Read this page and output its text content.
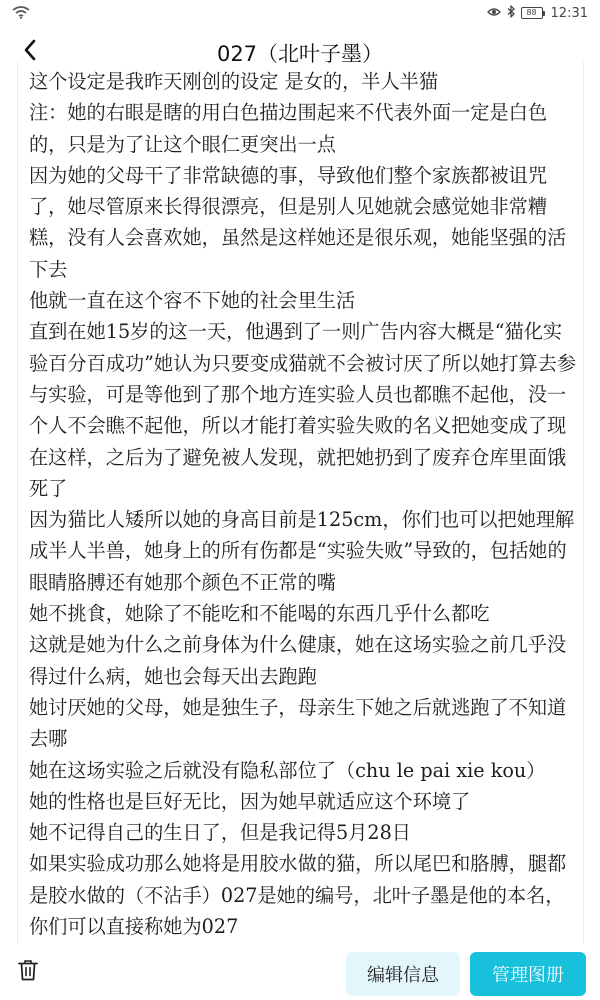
88	12:31
027（北叶子墨）

这个设定是我昨天刚创的设定 是女的，半人半猫

注：她的右眼是瞎的用白色描边围起来不代表外面一定是白色的，只是为了让这个眼仁更突出一点

因为她的父母干了非常缺德的事，导致他们整个家族都被诅咒了，她尽管原来长得很漂亮，但是别人见她就会感觉她非常糟糕，没有人会喜欢她，虽然是这样她还是很乐观，她能坚强的活下去

他就一直在这个容不下她的社会里生活

直到在她15岁的这一天，他遇到了一则广告内容大概是“猫化实验百分百成功”她认为只要变成猫就不会被讨厌了所以她打算去参与实验，可是等他到了那个地方连实验人员也都瞧不起他，没一个人不会瞧不起他，所以才能打着实验失败的名义把她变成了现在这样，之后为了避免被人发现，就把她扔到了废弃仓库里面饿死了

因为猫比人矮所以她的身高目前是125cm，你们也可以把她理解成半人半兽，她身上的所有伤都是“实验失败”导致的，包括她的眼睛胳膊还有她那个颜色不正常的嘴

她不挑食，她除了不能吃和不能喝的东西几乎什么都吃

这就是她为什么之前身体为什么健康，她在这场实验之前几乎没得过什么病，她也会每天出去跑跑

她讨厌她的父母，她是独生子，母亲生下她之后就逃跑了不知道去哪

她在这场实验之后就没有隐私部位了（chu le pai xie kou）

她的性格也是巨好无比，因为她早就适应这个环境了

她不记得自己的生日了，但是我记得5月28日

如果实验成功那么她将是用胶水做的猫，所以尾巴和胳膊，腿都是胶水做的（不沾手）027是她的编号，北叶子墨是他的本名，你们可以直接称她为027

编辑信息	管理图册
